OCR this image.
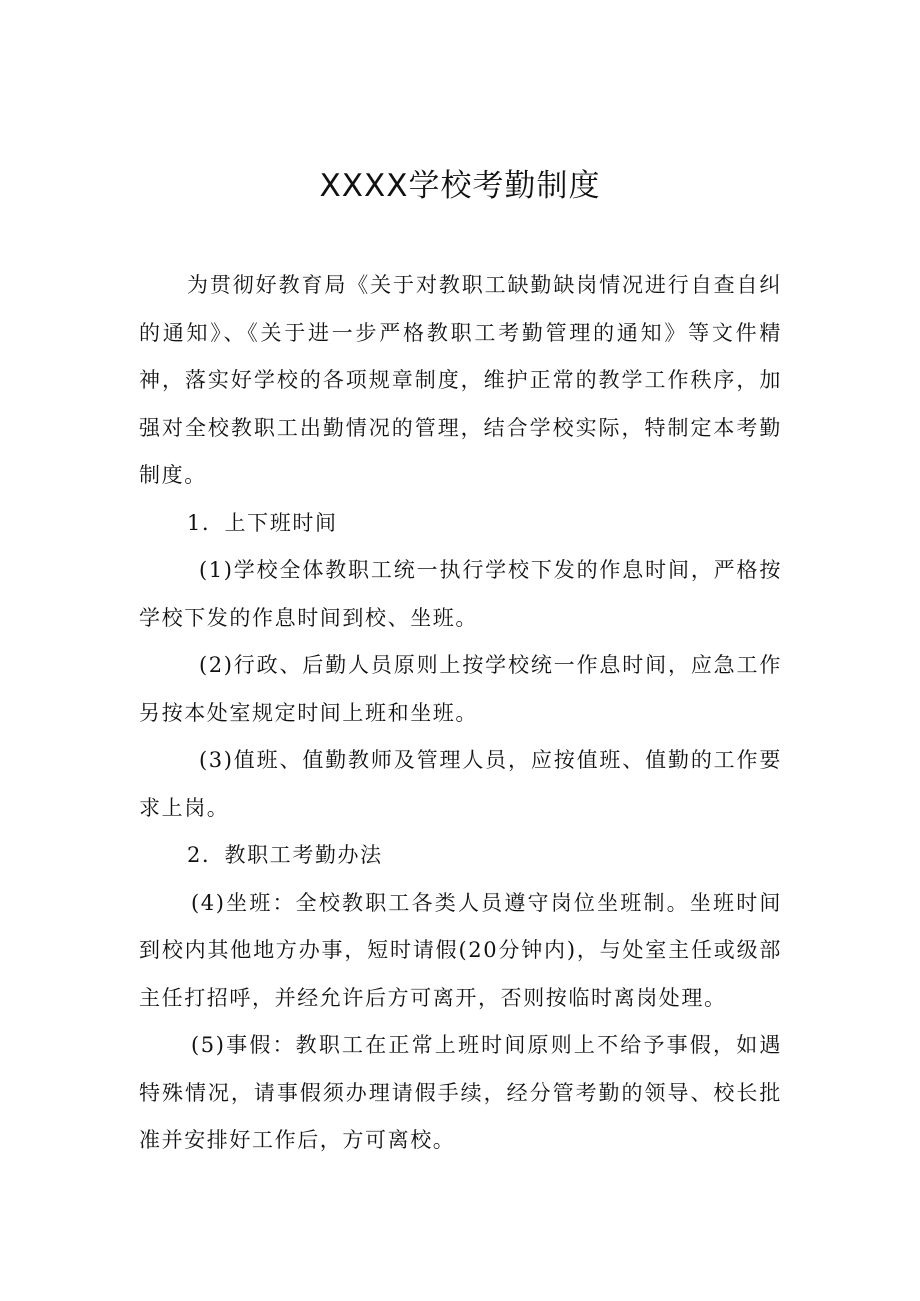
XXXX学校考勤制度

为贯彻好教育局《关于对教职工缺勤缺岗情况进行自查自纠的通知》、《关于进一步严格教职工考勤管理的通知》等文件精神，落实好学校的各项规章制度，维护正常的教学工作秩序，加强对全校教职工出勤情况的管理，结合学校实际，特制定本考勤制度。

1．上下班时间

(1)学校全体教职工统一执行学校下发的作息时间，严格按学校下发的作息时间到校、坐班。

(2)行政、后勤人员原则上按学校统一作息时间，应急工作另按本处室规定时间上班和坐班。

(3)值班、值勤教师及管理人员，应按值班、值勤的工作要求上岗。

2．教职工考勤办法

(4)坐班：全校教职工各类人员遵守岗位坐班制。坐班时间到校内其他地方办事，短时请假(20分钟内)，与处室主任或级部主任打招呼，并经允许后方可离开，否则按临时离岗处理。

(5)事假：教职工在正常上班时间原则上不给予事假，如遇特殊情况，请事假须办理请假手续，经分管考勤的领导、校长批准并安排好工作后，方可离校。
